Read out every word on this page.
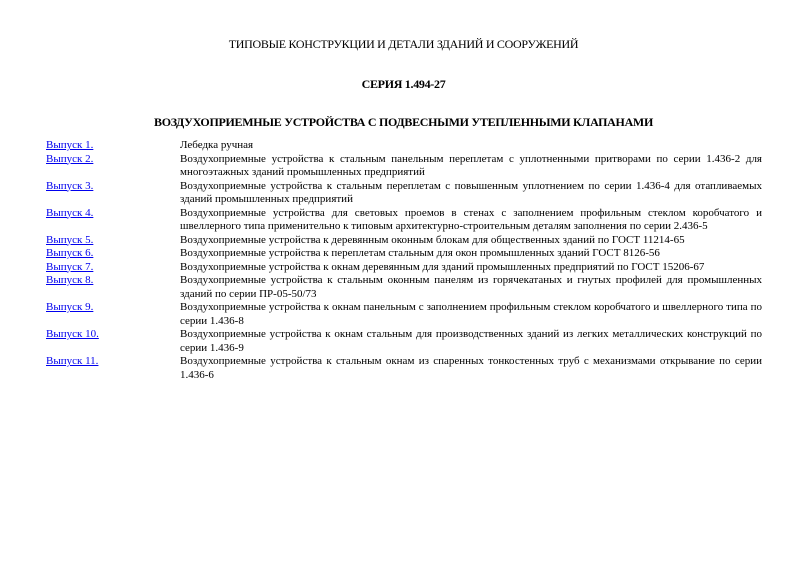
ТИПОВЫЕ КОНСТРУКЦИИ И ДЕТАЛИ ЗДАНИЙ И СООРУЖЕНИЙ
СЕРИЯ 1.494-27
ВОЗДУХОПРИЕМНЫЕ УСТРОЙСТВА С ПОДВЕСНЫМИ УТЕПЛЕННЫМИ КЛАПАНАМИ
Выпуск 1.	Лебедка ручная
Выпуск 2.	Воздухоприемные устройства к стальным панельным переплетам с уплотненными притворами по серии 1.436-2 для многоэтажных зданий промышленных предприятий
Выпуск 3.	Воздухоприемные устройства к стальным переплетам с повышенным уплотнением по серии 1.436-4 для отапливаемых зданий промышленных предприятий
Выпуск 4.	Воздухоприемные устройства для световых проемов в стенах с заполнением профильным стеклом коробчатого и швеллерного типа применительно к типовым архитектурно-строительным деталям заполнения по серии 2.436-5
Выпуск 5.	Воздухоприемные устройства к деревянным оконным блокам для общественных зданий по ГОСТ 11214-65
Выпуск 6.	Воздухоприемные устройства к переплетам стальным для окон промышленных зданий ГОСТ 8126-56
Выпуск 7.	Воздухоприемные устройства к окнам деревянным для зданий промышленных предприятий по ГОСТ 15206-67
Выпуск 8.	Воздухоприемные устройства к стальным оконным панелям из горячекатаных и гнутых профилей для промышленных зданий по серии ПР-05-50/73
Выпуск 9.	Воздухоприемные устройства к окнам панельным с заполнением профильным стеклом коробчатого и швеллерного типа по серии 1.436-8
Выпуск 10.	Воздухоприемные устройства к окнам стальным для производственных зданий из легких металлических конструкций по серии 1.436-9
Выпуск 11.	Воздухоприемные устройства к стальным окнам из спаренных тонкостенных труб с механизмами открывание по серии 1.436-6
